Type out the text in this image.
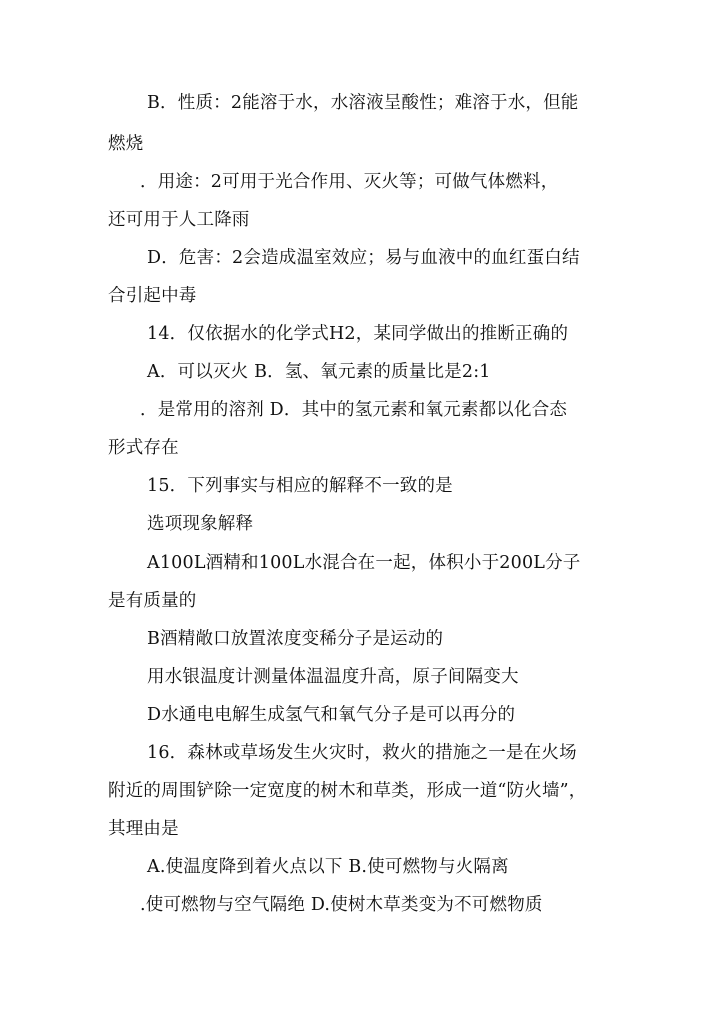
B．性质：2能溶于水，水溶液呈酸性；难溶于水，但能
燃烧
．用途：2可用于光合作用、灭火等；可做气体燃料，
还可用于人工降雨
D．危害：2会造成温室效应；易与血液中的血红蛋白结
合引起中毒
14．仅依据水的化学式H2，某同学做出的推断正确的
A．可以灭火 B．氢、氧元素的质量比是2:1
．是常用的溶剂 D．其中的氢元素和氧元素都以化合态
形式存在
15．下列事实与相应的解释不一致的是
选项现象解释
A100L酒精和100L水混合在一起，体积小于200L分子
是有质量的
B酒精敞口放置浓度变稀分子是运动的
用水银温度计测量体温温度升高，原子间隔变大
D水通电电解生成氢气和氧气分子是可以再分的
16．森林或草场发生火灾时，救火的措施之一是在火场
附近的周围铲除一定宽度的树木和草类，形成一道“防火墙”，
其理由是
A.使温度降到着火点以下 B.使可燃物与火隔离
.使可燃物与空气隔绝 D.使树木草类变为不可燃物质
